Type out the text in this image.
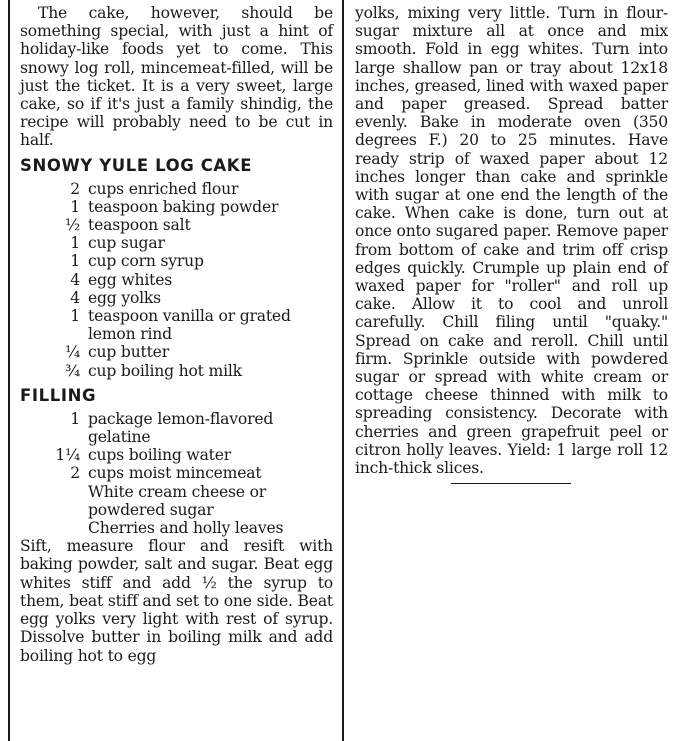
The cake, however, should be something special, with just a hint of holiday-like foods yet to come. This snowy log roll, mincemeat-filled, will be just the ticket. It is a very sweet, large cake, so if it's just a family shindig, the recipe will probably need to be cut in half.

SNOWY YULE LOG CAKE
2 cups enriched flour
1 teaspoon baking powder
½ teaspoon salt
1 cup sugar
1 cup corn syrup
4 egg whites
4 egg yolks
1 teaspoon vanilla or grated lemon rind
¼ cup butter
¾ cup boiling hot milk
FILLING
1 package lemon-flavored gelatine
1¼ cups boiling water
2 cups moist mincemeat
White cream cheese or powdered sugar
Cherries and holly leaves

Sift, measure flour and resift with baking powder, salt and sugar. Beat egg whites stiff and add ½ the syrup to them, beat stiff and set to one side. Beat egg yolks very light with rest of syrup. Dissolve butter in boiling milk and add boiling hot to egg

yolks, mixing very little. Turn in flour-sugar mixture all at once and mix smooth. Fold in egg whites. Turn into large shallow pan or tray about 12x18 inches, greased, lined with waxed paper and paper greased. Spread batter evenly. Bake in moderate oven (350 degrees F.) 20 to 25 minutes. Have ready strip of waxed paper about 12 inches longer than cake and sprinkle with sugar at one end the length of the cake. When cake is done, turn out at once onto sugared paper. Remove paper from bottom of cake and trim off crisp edges quickly. Crumple up plain end of waxed paper for "roller" and roll up cake. Allow it to cool and unroll carefully. Chill filing until "quaky." Spread on cake and reroll. Chill until firm. Sprinkle outside with powdered sugar or spread with white cream or cottage cheese thinned with milk to spreading consistency. Decorate with cherries and green grapefruit peel or citron holly leaves. Yield: 1 large roll 12 inch-thick slices.
